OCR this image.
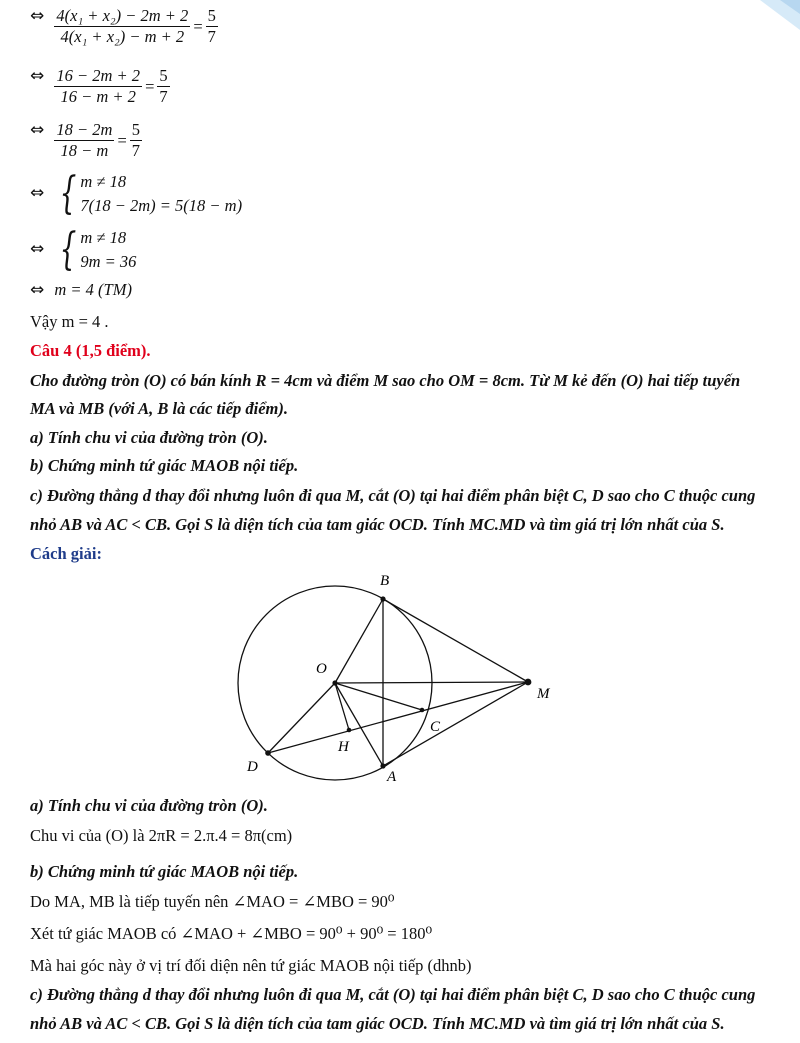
⇔ $\frac{\text{4(x₁ + x₂) − 2m + 2}}{\text{4(x₁ + x₂) − m + 2}} = \frac{5}{7}$
⇔ $\frac{16 - 2m + 2}{16 - m + 2} = \frac{5}{7}$
⇔ $\frac{18 - 2m}{18 - m} = \frac{5}{7}$
⇔ { m ≠ 18
7(18 − 2m) = 5(18 − m)
⇔ { m ≠ 18
9m = 36
⇔ m = 4 (TM)
Vậy m = 4 .
Câu 4 (1,5 điểm).
Cho đường tròn (O) có bán kính R = 4cm và điểm M sao cho OM = 8cm. Từ M kẻ đến (O) hai tiếp tuyến
MA và MB (với A, B là các tiếp điểm).
a) Tính chu vi của đường tròn (O).
b) Chứng minh tứ giác MAOB nội tiếp.
c) Đường thẳng d thay đổi nhưng luôn đi qua M, cắt (O) tại hai điểm phân biệt C, D sao cho C thuộc cung
nhỏ AB và AC < CB. Gọi S là diện tích của tam giác OCD. Tính MC.MD và tìm giá trị lớn nhất của S.
Cách giải:
B
O
M
C
H
D
A
a) Tính chu vi của đường tròn (O).
Chu vi của (O) là 2πR = 2.π.4 = 8π(cm)
b) Chứng minh tứ giác MAOB nội tiếp.
Do MA, MB là tiếp tuyến nên ∠MAO = ∠MBO = 90⁰
Xét tứ giác MAOB có ∠MAO + ∠MBO = 90⁰ + 90⁰ = 180⁰
Mà hai góc này ở vị trí đối diện nên tứ giác MAOB nội tiếp (dhnb)
c) Đường thẳng d thay đổi nhưng luôn đi qua M, cắt (O) tại hai điểm phân biệt C, D sao cho C thuộc cung
nhỏ AB và AC < CB. Gọi S là diện tích của tam giác OCD. Tính MC.MD và tìm giá trị lớn nhất của S.
